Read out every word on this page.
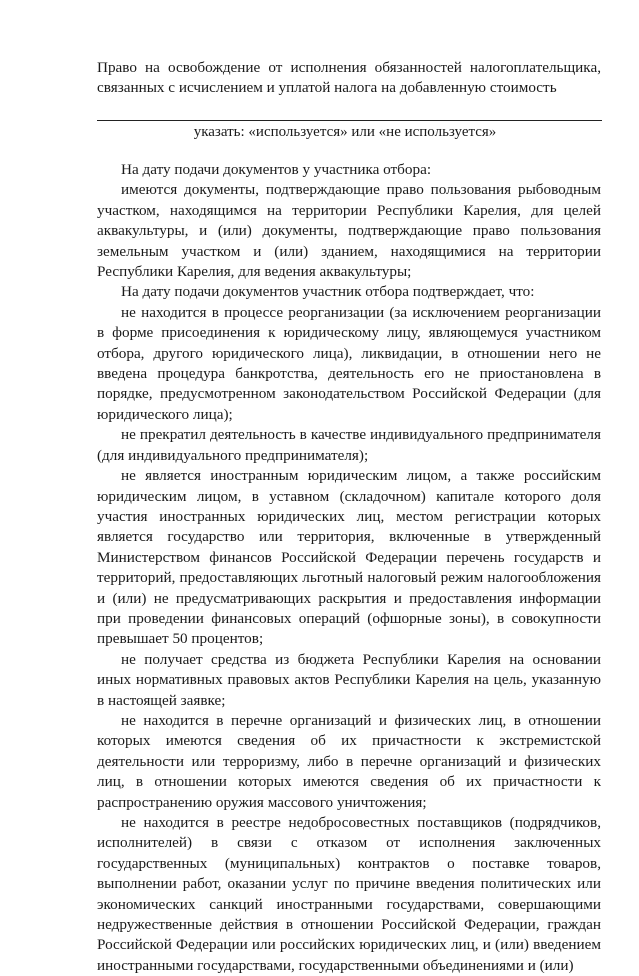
Право на освобождение от исполнения обязанностей налогоплательщика, связанных с исчислением и уплатой налога на добавленную стоимость

указать: «используется» или «не используется»

На дату подачи документов у участника отбора:

имеются документы, подтверждающие право пользования рыбоводным участком, находящимся на территории Республики Карелия, для целей аквакультуры, и (или) документы, подтверждающие право пользования земельным участком и (или) зданием, находящимися на территории Республики Карелия, для ведения аквакультуры;

На дату подачи документов участник отбора подтверждает, что:

не находится в процессе реорганизации (за исключением реорганизации в форме присоединения к юридическому лицу, являющемуся участником отбора, другого юридического лица), ликвидации, в отношении него не введена процедура банкротства, деятельность его не приостановлена в порядке, предусмотренном законодательством Российской Федерации (для юридического лица);

не прекратил деятельность в качестве индивидуального предпринимателя (для индивидуального предпринимателя);

не является иностранным юридическим лицом, а также российским юридическим лицом, в уставном (складочном) капитале которого доля участия иностранных юридических лиц, местом регистрации которых является государство или территория, включенные в утвержденный Министерством финансов Российской Федерации перечень государств и территорий, предоставляющих льготный налоговый режим налогообложения и (или) не предусматривающих раскрытия и предоставления информации при проведении финансовых операций (офшорные зоны), в совокупности превышает 50 процентов;

не получает средства из бюджета Республики Карелия на основании иных нормативных правовых актов Республики Карелия на цель, указанную в настоящей заявке;

не находится в перечне организаций и физических лиц, в отношении которых имеются сведения об их причастности к экстремистской деятельности или терроризму, либо в перечне организаций и физических лиц, в отношении которых имеются сведения об их причастности к распространению оружия массового уничтожения;

не находится в реестре недобросовестных поставщиков (подрядчиков, исполнителей) в связи с отказом от исполнения заключенных государственных (муниципальных) контрактов о поставке товаров, выполнении работ, оказании услуг по причине введения политических или экономических санкций иностранными государствами, совершающими недружественные действия в отношении Российской Федерации, граждан Российской Федерации или российских юридических лиц, и (или) введением иностранными государствами, государственными объединениями и (или)
